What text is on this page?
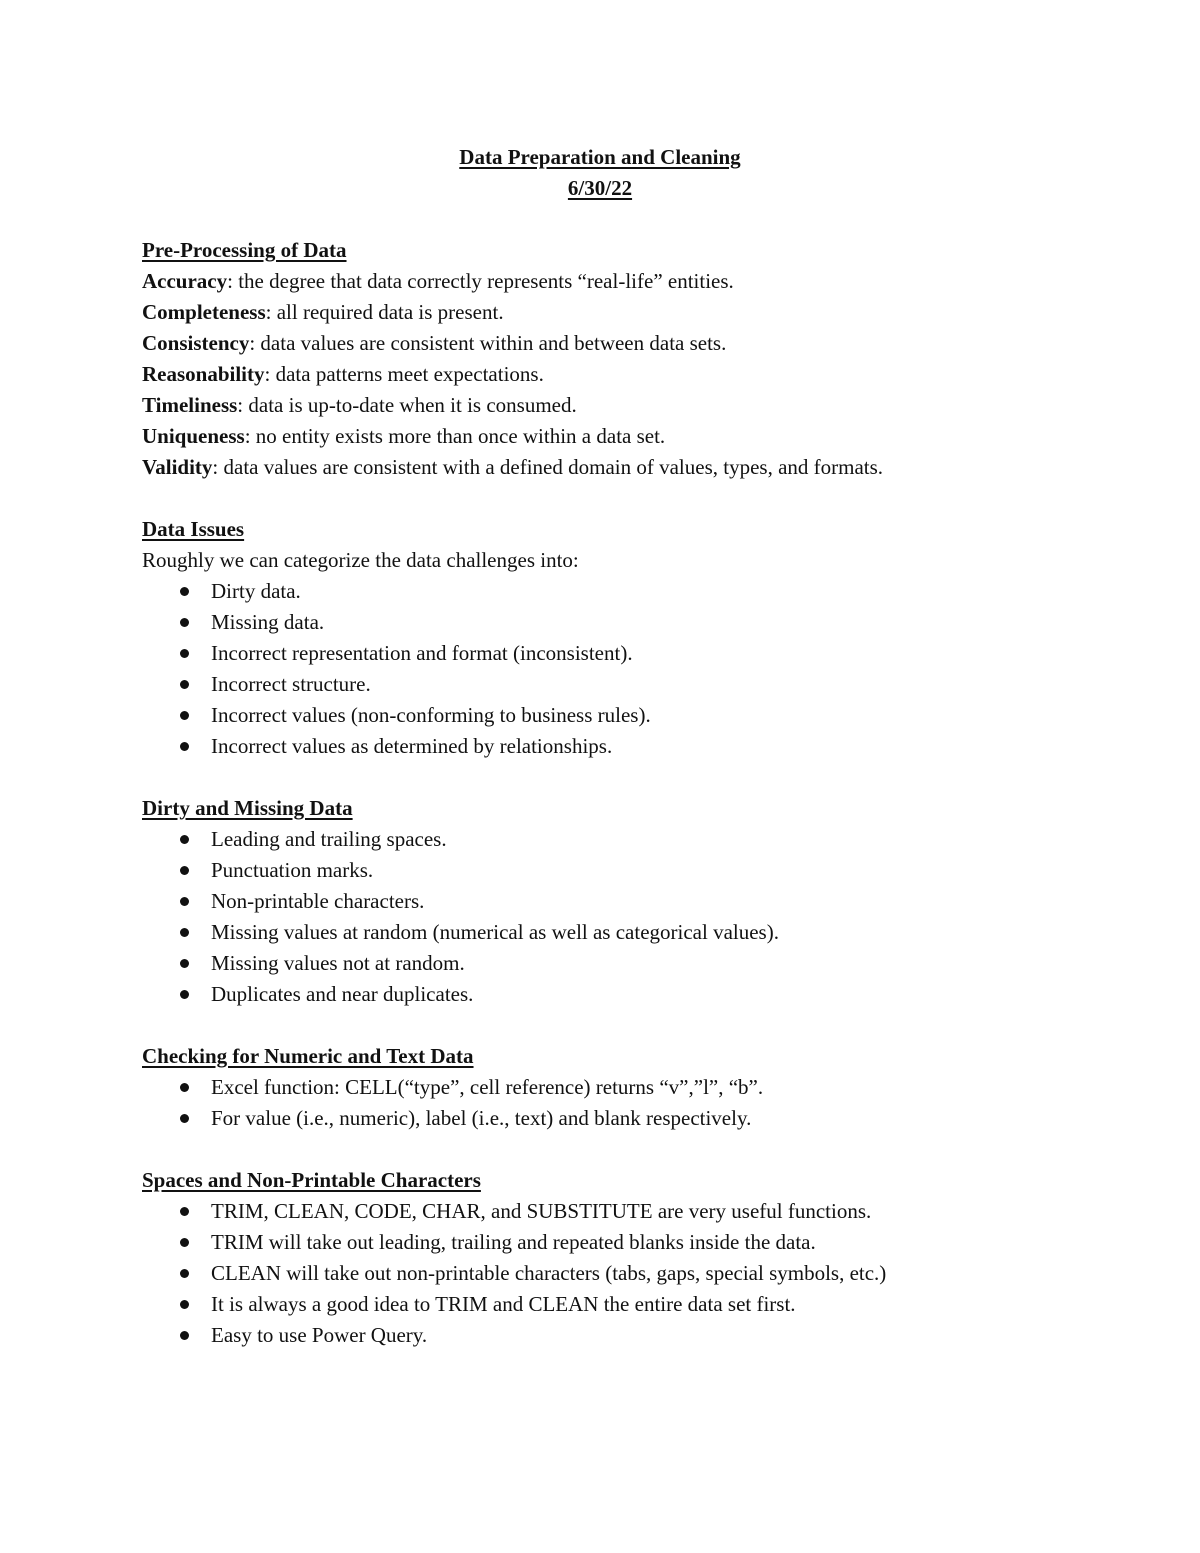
Data Preparation and Cleaning
6/30/22
Pre-Processing of Data
Accuracy: the degree that data correctly represents “real-life” entities.
Completeness: all required data is present.
Consistency: data values are consistent within and between data sets.
Reasonability: data patterns meet expectations.
Timeliness: data is up-to-date when it is consumed.
Uniqueness: no entity exists more than once within a data set.
Validity: data values are consistent with a defined domain of values, types, and formats.
Data Issues
Roughly we can categorize the data challenges into:
Dirty data.
Missing data.
Incorrect representation and format (inconsistent).
Incorrect structure.
Incorrect values (non-conforming to business rules).
Incorrect values as determined by relationships.
Dirty and Missing Data
Leading and trailing spaces.
Punctuation marks.
Non-printable characters.
Missing values at random (numerical as well as categorical values).
Missing values not at random.
Duplicates and near duplicates.
Checking for Numeric and Text Data
Excel function: CELL(“type”, cell reference) returns “v”,”l”, “b”.
For value (i.e., numeric), label (i.e., text) and blank respectively.
Spaces and Non-Printable Characters
TRIM, CLEAN, CODE, CHAR, and SUBSTITUTE are very useful functions.
TRIM will take out leading, trailing and repeated blanks inside the data.
CLEAN will take out non-printable characters (tabs, gaps, special symbols, etc.)
It is always a good idea to TRIM and CLEAN the entire data set first.
Easy to use Power Query.
